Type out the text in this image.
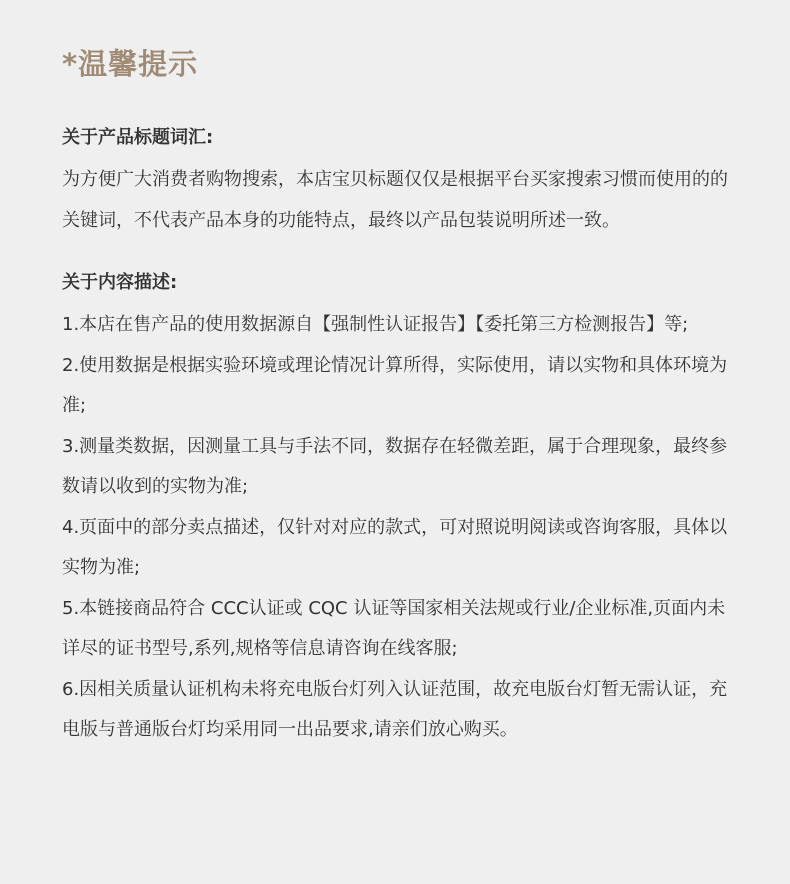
*温馨提示
关于产品标题词汇:

为方便广大消费者购物搜索，本店宝贝标题仅仅是根据平台买家搜索习惯而使用的的关键词，不代表产品本身的功能特点，最终以产品包装说明所述一致。

关于内容描述:

1.本店在售产品的使用数据源自【强制性认证报告】【委托第三方检测报告】等;

2.使用数据是根据实验环境或理论情况计算所得，实际使用，请以实物和具体环境为准;

3.测量类数据，因测量工具与手法不同，数据存在轻微差距，属于合理现象，最终参数请以收到的实物为准;

4.页面中的部分卖点描述，仅针对对应的款式，可对照说明阅读或咨询客服，具体以实物为准;

5.本链接商品符合 CCC认证或 CQC 认证等国家相关法规或行业/企业标准,页面内未详尽的证书型号,系列,规格等信息请咨询在线客服;

6.因相关质量认证机构未将充电版台灯列入认证范围，故充电版台灯暂无需认证，充电版与普通版台灯均采用同一出品要求,请亲们放心购买。
